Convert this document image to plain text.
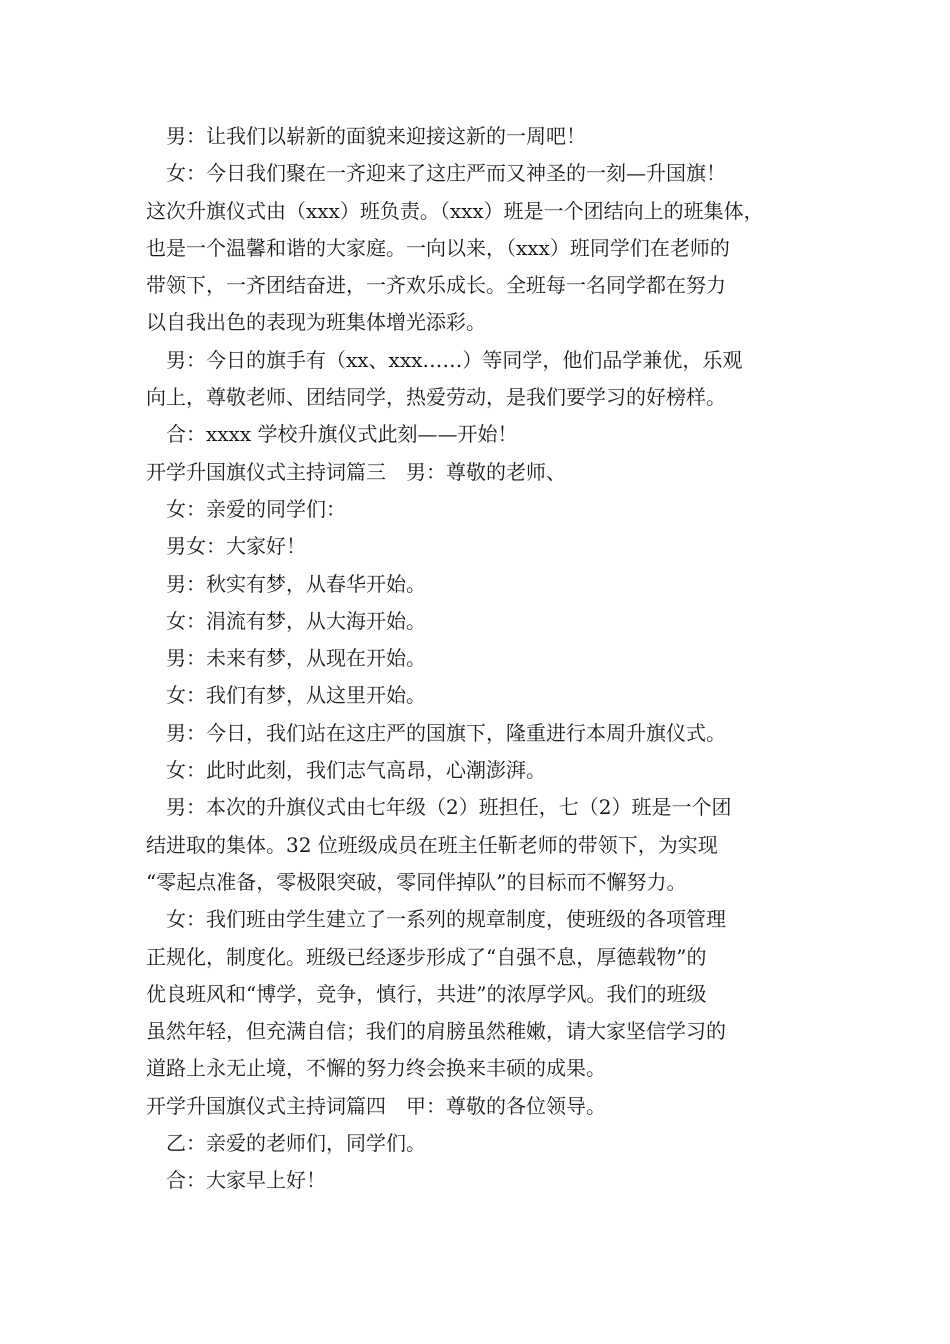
男：让我们以崭新的面貌来迎接这新的一周吧！
女：今日我们聚在一齐迎来了这庄严而又神圣的一刻—升国旗！
这次升旗仪式由（xxx）班负责。（xxx）班是一个团结向上的班集体，
也是一个温馨和谐的大家庭。一向以来，（xxx）班同学们在老师的
带领下，一齐团结奋进，一齐欢乐成长。全班每一名同学都在努力
以自我出色的表现为班集体增光添彩。
男：今日的旗手有（xx、xxx……）等同学，他们品学兼优，乐观
向上，尊敬老师、团结同学，热爱劳动，是我们要学习的好榜样。
合：xxxx 学校升旗仪式此刻——开始！
开学升国旗仪式主持词篇三　男：尊敬的老师、
女：亲爱的同学们：
男女：大家好！
男：秋实有梦，从春华开始。
女：涓流有梦，从大海开始。
男：未来有梦，从现在开始。
女：我们有梦，从这里开始。
男：今日，我们站在这庄严的国旗下，隆重进行本周升旗仪式。
女：此时此刻，我们志气高昂，心潮澎湃。
男：本次的升旗仪式由七年级（2）班担任，七（2）班是一个团
结进取的集体。32 位班级成员在班主任靳老师的带领下，为实现
“零起点准备，零极限突破，零同伴掉队”的目标而不懈努力。
女：我们班由学生建立了一系列的规章制度，使班级的各项管理
正规化，制度化。班级已经逐步形成了“自强不息，厚德载物”的
优良班风和“博学，竞争，慎行，共进”的浓厚学风。我们的班级
虽然年轻，但充满自信；我们的肩膀虽然稚嫩，请大家坚信学习的
道路上永无止境，不懈的努力终会换来丰硕的成果。
开学升国旗仪式主持词篇四　甲：尊敬的各位领导。
乙：亲爱的老师们，同学们。
合：大家早上好！
